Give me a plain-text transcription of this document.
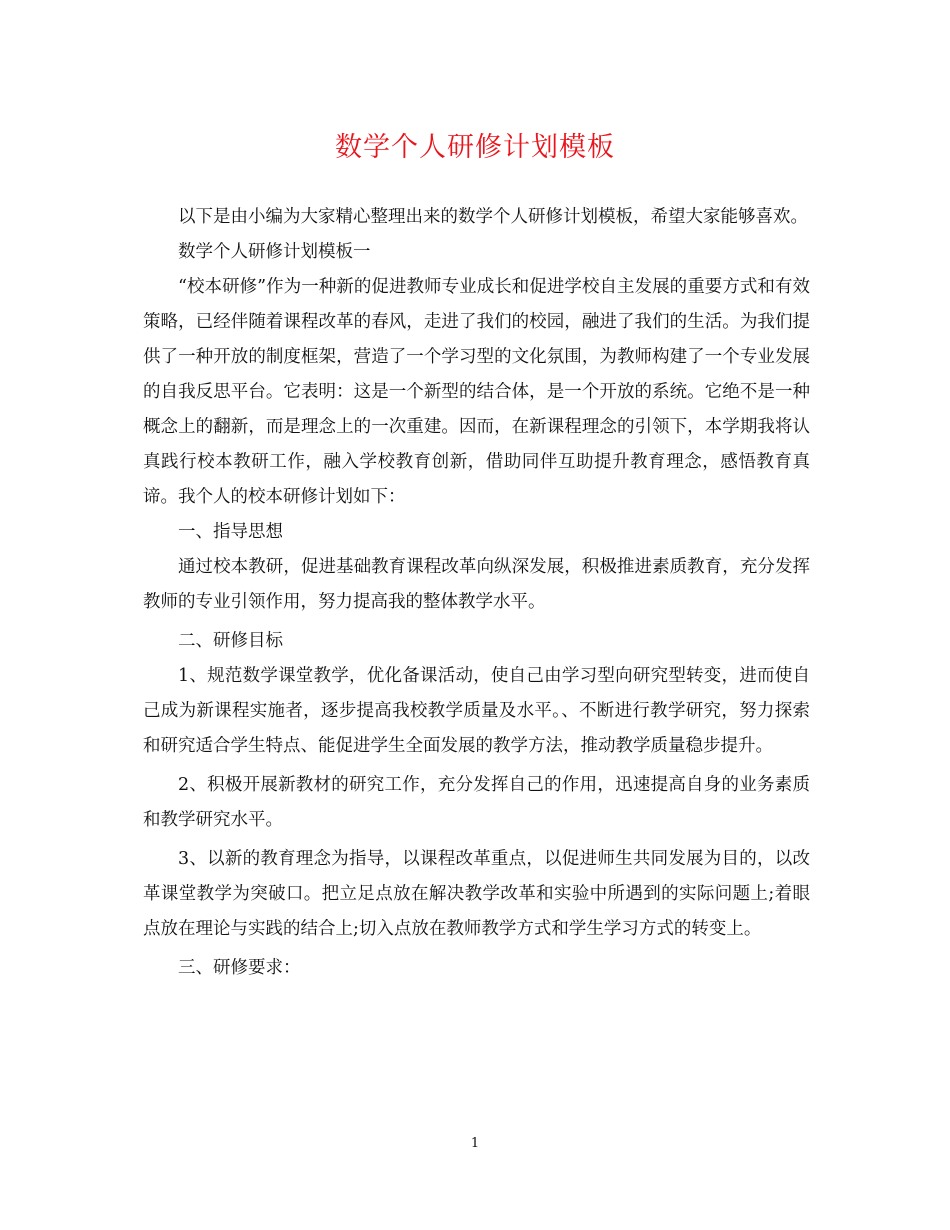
数学个人研修计划模板

以下是由小编为大家精心整理出来的数学个人研修计划模板，希望大家能够喜欢。

数学个人研修计划模板一

“校本研修”作为一种新的促进教师专业成长和促进学校自主发展的重要方式和有效策略，已经伴随着课程改革的春风，走进了我们的校园，融进了我们的生活。为我们提供了一种开放的制度框架，营造了一个学习型的文化氛围，为教师构建了一个专业发展的自我反思平台。它表明：这是一个新型的结合体，是一个开放的系统。它绝不是一种概念上的翻新，而是理念上的一次重建。因而，在新课程理念的引领下，本学期我将认真践行校本教研工作，融入学校教育创新，借助同伴互助提升教育理念，感悟教育真谛。我个人的校本研修计划如下：

一、指导思想

通过校本教研，促进基础教育课程改革向纵深发展，积极推进素质教育，充分发挥教师的专业引领作用，努力提高我的整体教学水平。

二、研修目标

1、规范数学课堂教学，优化备课活动，使自己由学习型向研究型转变，进而使自己成为新课程实施者，逐步提高我校教学质量及水平。、不断进行教学研究，努力探索和研究适合学生特点、能促进学生全面发展的教学方法，推动教学质量稳步提升。

2、积极开展新教材的研究工作，充分发挥自己的作用，迅速提高自身的业务素质和教学研究水平。

3、以新的教育理念为指导，以课程改革重点，以促进师生共同发展为目的，以改革课堂教学为突破口。把立足点放在解决教学改革和实验中所遇到的实际问题上;着眼点放在理论与实践的结合上;切入点放在教师教学方式和学生学习方式的转变上。

三、研修要求：

1
